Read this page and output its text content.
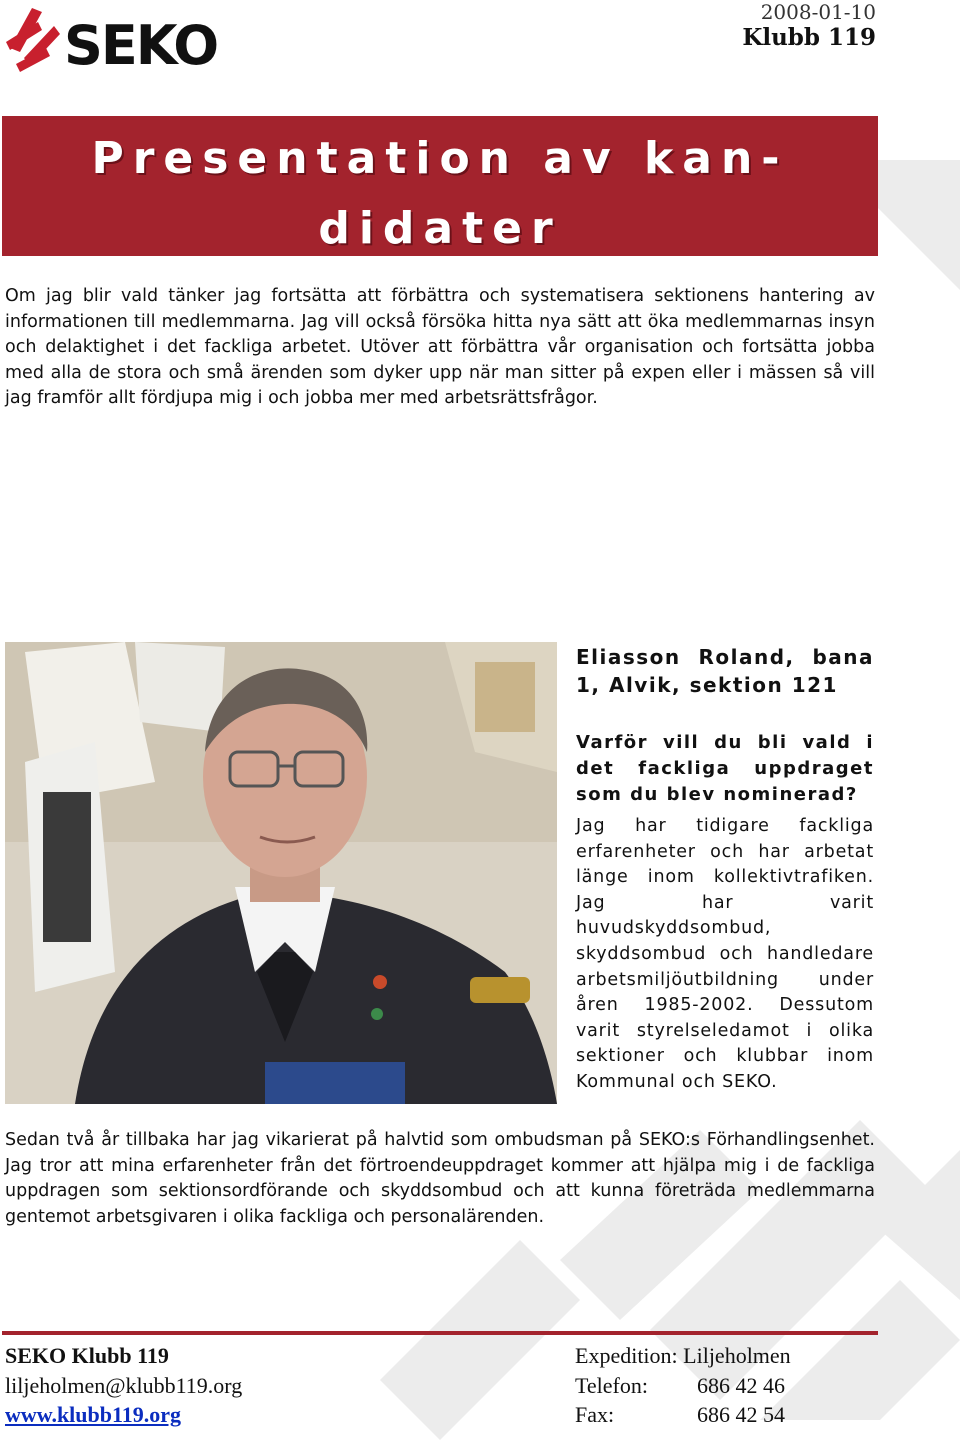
SEKO
2008-01-10
Klubb 119
Presentation av kan-
didater
Om jag blir vald tänker jag fortsätta att förbättra och systematisera sektionens hantering av informationen till medlemmarna. Jag vill också försöka hitta nya sätt att öka medlemmarnas insyn och delaktighet i det fackliga arbetet. Utöver att förbättra vår organisation och fortsätta jobba med alla de stora och små ärenden som dyker upp när man sitter på expen eller i mässen så vill jag framför allt fördjupa mig i och jobba mer med arbetsrättsfrågor.
Eliasson Roland, bana 1, Alvik, sektion 121
Varför vill du bli vald i det fackliga uppdraget som du blev nominerad?
Jag har tidigare fackliga erfarenheter och har arbetat länge inom kollektivtrafiken. Jag har varit huvudskyddsombud, skyddsombud och handledare arbetsmiljöutbildning under åren 1985-2002. Dessutom varit styrelseledamot i olika sektioner och klubbar inom Kommunal och SEKO.
Sedan två år tillbaka har jag vikarierat på halvtid som ombudsman på SEKO:s Förhandlingsenhet. Jag tror att mina erfarenheter från det förtroendeuppdraget kommer att hjälpa mig i de fackliga uppdragen som sektionsordförande och skyddsombud och att kunna företräda medlemmarna gentemot arbetsgivaren i olika fackliga och personalärenden.
SEKO Klubb 119
liljeholmen@klubb119.org
www.klubb119.org
Expedition: Liljeholmen
Telefon: 686 42 46
Fax:	686 42 54
